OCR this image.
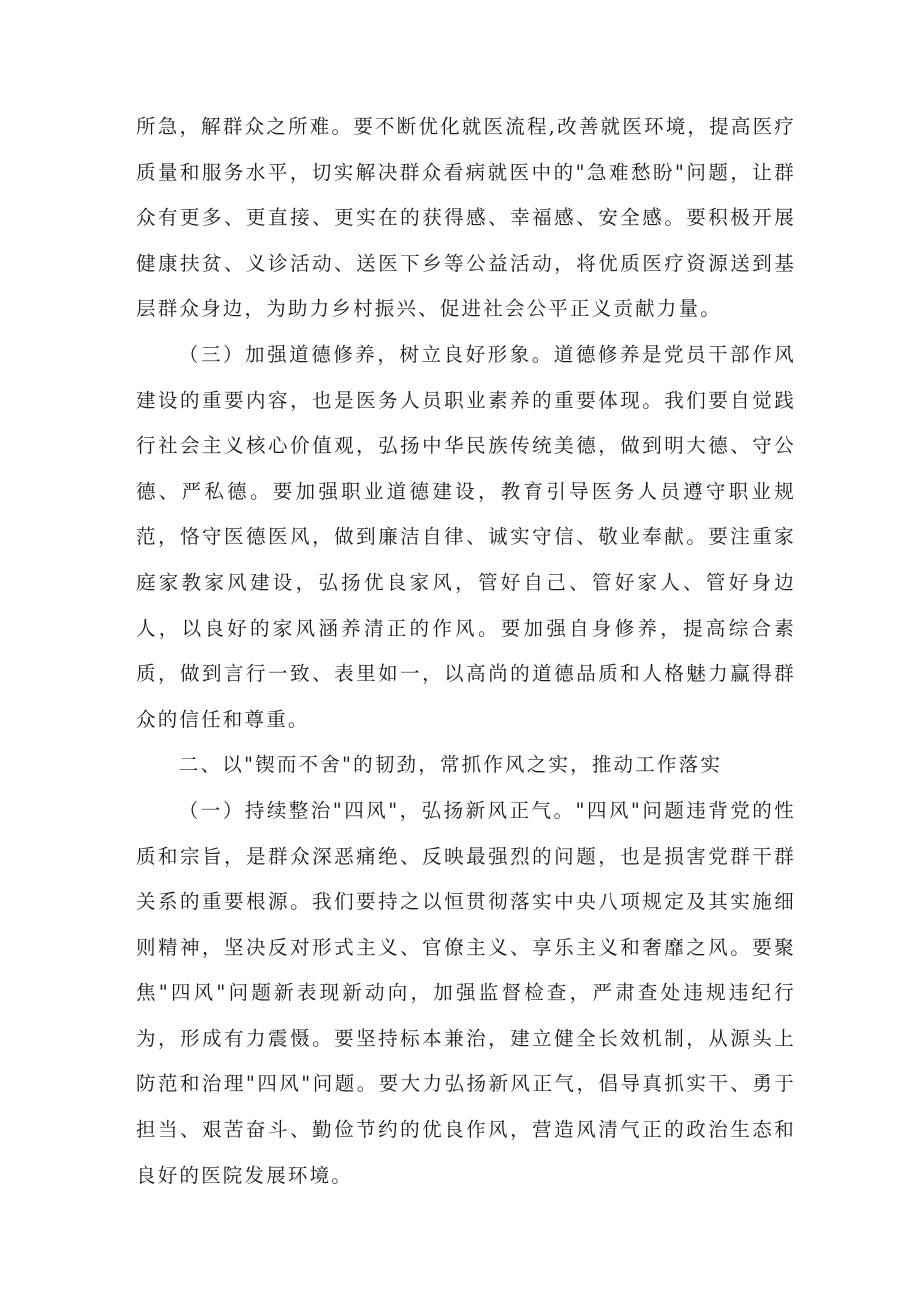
所急，解群众之所难。要不断优化就医流程,改善就医环境，提高医疗质量和服务水平，切实解决群众看病就医中的"急难愁盼"问题，让群众有更多、更直接、更实在的获得感、幸福感、安全感。要积极开展健康扶贫、义诊活动、送医下乡等公益活动，将优质医疗资源送到基层群众身边，为助力乡村振兴、促进社会公平正义贡献力量。

（三）加强道德修养，树立良好形象。道德修养是党员干部作风建设的重要内容，也是医务人员职业素养的重要体现。我们要自觉践行社会主义核心价值观，弘扬中华民族传统美德，做到明大德、守公德、严私德。要加强职业道德建设，教育引导医务人员遵守职业规范，恪守医德医风，做到廉洁自律、诚实守信、敬业奉献。要注重家庭家教家风建设，弘扬优良家风，管好自己、管好家人、管好身边人，以良好的家风涵养清正的作风。要加强自身修养，提高综合素质，做到言行一致、表里如一，以高尚的道德品质和人格魅力赢得群众的信任和尊重。

二、以"锲而不舍"的韧劲，常抓作风之实，推动工作落实

（一）持续整治"四风"，弘扬新风正气。"四风"问题违背党的性质和宗旨，是群众深恶痛绝、反映最强烈的问题，也是损害党群干群关系的重要根源。我们要持之以恒贯彻落实中央八项规定及其实施细则精神，坚决反对形式主义、官僚主义、享乐主义和奢靡之风。要聚焦"四风"问题新表现新动向，加强监督检查，严肃查处违规违纪行为，形成有力震慑。要坚持标本兼治，建立健全长效机制，从源头上防范和治理"四风"问题。要大力弘扬新风正气，倡导真抓实干、勇于担当、艰苦奋斗、勤俭节约的优良作风，营造风清气正的政治生态和良好的医院发展环境。
